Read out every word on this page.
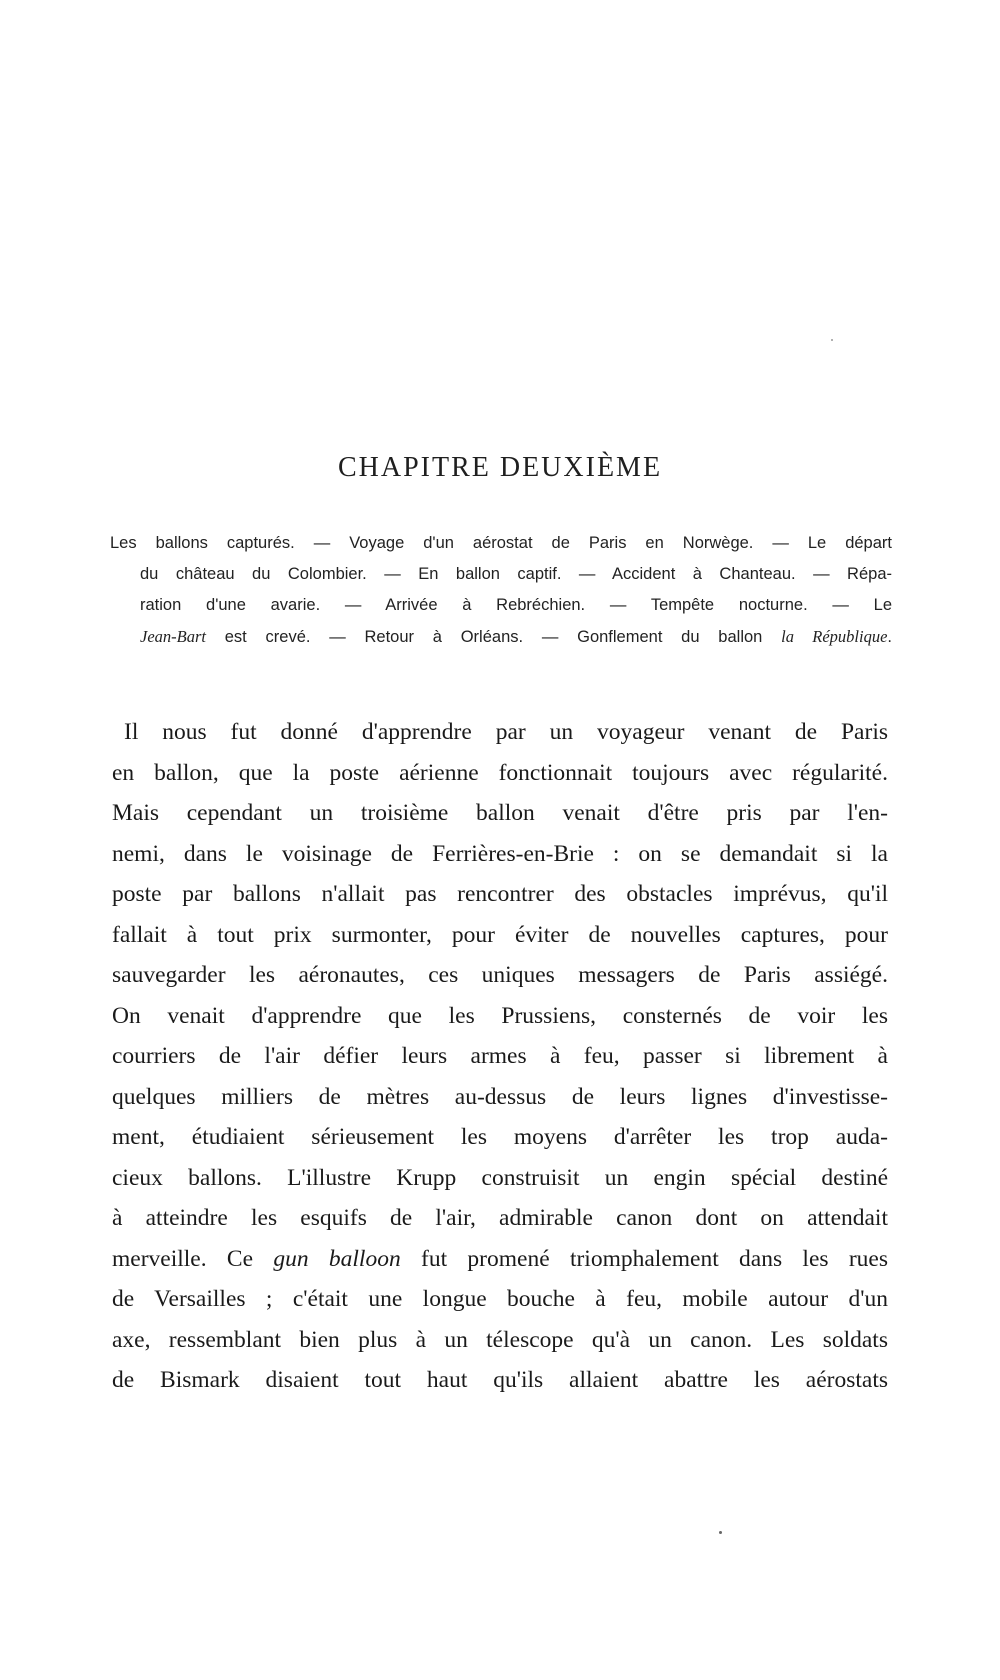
CHAPITRE DEUXIÈME
Les ballons capturés. — Voyage d'un aérostat de Paris en Norwège. — Le départ
du château du Colombier. — En ballon captif. — Accident à Chanteau. — Répa-
ration d'une avarie. — Arrivée à Rebréchien. — Tempête nocturne. — Le
Jean-Bart est crevé. — Retour à Orléans. — Gonflement du ballon la République.
Il nous fut donné d'apprendre par un voyageur venant de Paris
en ballon, que la poste aérienne fonctionnait toujours avec régularité.
Mais cependant un troisième ballon venait d'être pris par l'en-
nemi, dans le voisinage de Ferrières-en-Brie : on se demandait si la
poste par ballons n'allait pas rencontrer des obstacles imprévus, qu'il
fallait à tout prix surmonter, pour éviter de nouvelles captures, pour
sauvegarder les aéronautes, ces uniques messagers de Paris assiégé.
On venait d'apprendre que les Prussiens, consternés de voir les
courriers de l'air défier leurs armes à feu, passer si librement à
quelques milliers de mètres au-dessus de leurs lignes d'investisse-
ment, étudiaient sérieusement les moyens d'arrêter les trop auda-
cieux ballons. L'illustre Krupp construisit un engin spécial destiné
à atteindre les esquifs de l'air, admirable canon dont on attendait
merveille. Ce gun balloon fut promené triomphalement dans les rues
de Versailles ; c'était une longue bouche à feu, mobile autour d'un
axe, ressemblant bien plus à un télescope qu'à un canon. Les soldats
de Bismark disaient tout haut qu'ils allaient abattre les aérostats
